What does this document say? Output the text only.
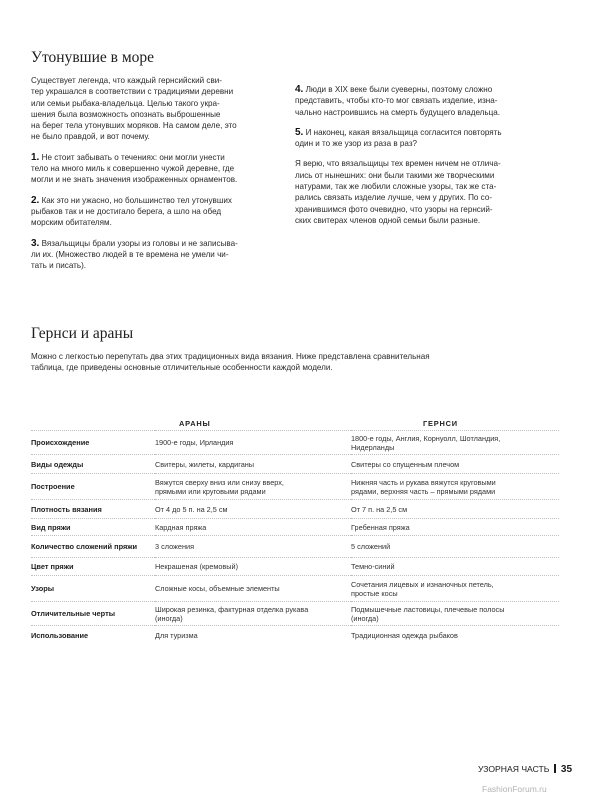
Утонувшие в море
Существует легенда, что каждый гернсийский сви-
тер украшался в соответствии с традициями деревни
или семьи рыбака-владельца. Целью такого укра-
шения была возможность опознать выброшенные
на берег тела утонувших моряков. На самом деле, это
не было правдой, и вот почему.
1. Не стоит забывать о течениях: они могли унести
тело на много миль к совершенно чужой деревне, где
могли и не знать значения изображенных орнаментов.
2. Как это ни ужасно, но большинство тел утонувших
рыбаков так и не достигало берега, а шло на обед
морским обитателям.
3. Вязальщицы брали узоры из головы и не записыва-
ли их. (Множество людей в те времена не умели чи-
тать и писать).
4. Люди в XIX веке были суеверны, поэтому сложно
представить, чтобы кто-то мог связать изделие, изна-
чально настроившись на смерть будущего владельца.
5. И наконец, какая вязальщица согласится повторять
один и то же узор из раза в раз?
Я верю, что вязальщицы тех времен ничем не отлича-
лись от нынешних: они были такими же творческими
натурами, так же любили сложные узоры, так же ста-
рались связать изделие лучше, чем у других. По со-
хранившимся фото очевидно, что узоры на гернсий-
ских свитерах членов одной семьи были разные.
Гернси и араны
Можно с легкостью перепутать два этих традиционных вида вязания. Ниже представлена сравнительная
таблица, где приведены основные отличительные особенности каждой модели.
	АРАНЫ	ГЕРНСИ
Происхождение	1900-е годы, Ирландия	1800-е годы, Англия, Корнуолл, Шотландия,
Нидерланды

Виды одежды	Свитеры, жилеты, кардиганы	Свитеры со спущенным плечом

Построение	Вяжутся сверху вниз или снизу вверх,
прямыми или круговыми рядами	Нижняя часть и рукава вяжутся круговыми
рядами, верхняя часть – прямыми рядами

Плотность вязания	От 4 до 5 п. на 2,5 см	От 7 п. на 2,5 см

Вид пряжи	Кардная пряжа	Гребенная пряжа

Количество сложений пряжи	3 сложения	5 сложений

Цвет пряжи	Некрашеная (кремовый)	Темно-синий

Узоры	Сложные косы, объемные элементы	Сочетания лицевых и изнаночных петель,
простые косы

Отличительные черты	Широкая резинка, фактурная отделка рукава
(иногда)	Подмышечные ластовицы, плечевые полосы
(иногда)

Использование	Для туризма	Традиционная одежда рыбаков
УЗОРНАЯ ЧАСТЬ 35
FashionForum.ru
